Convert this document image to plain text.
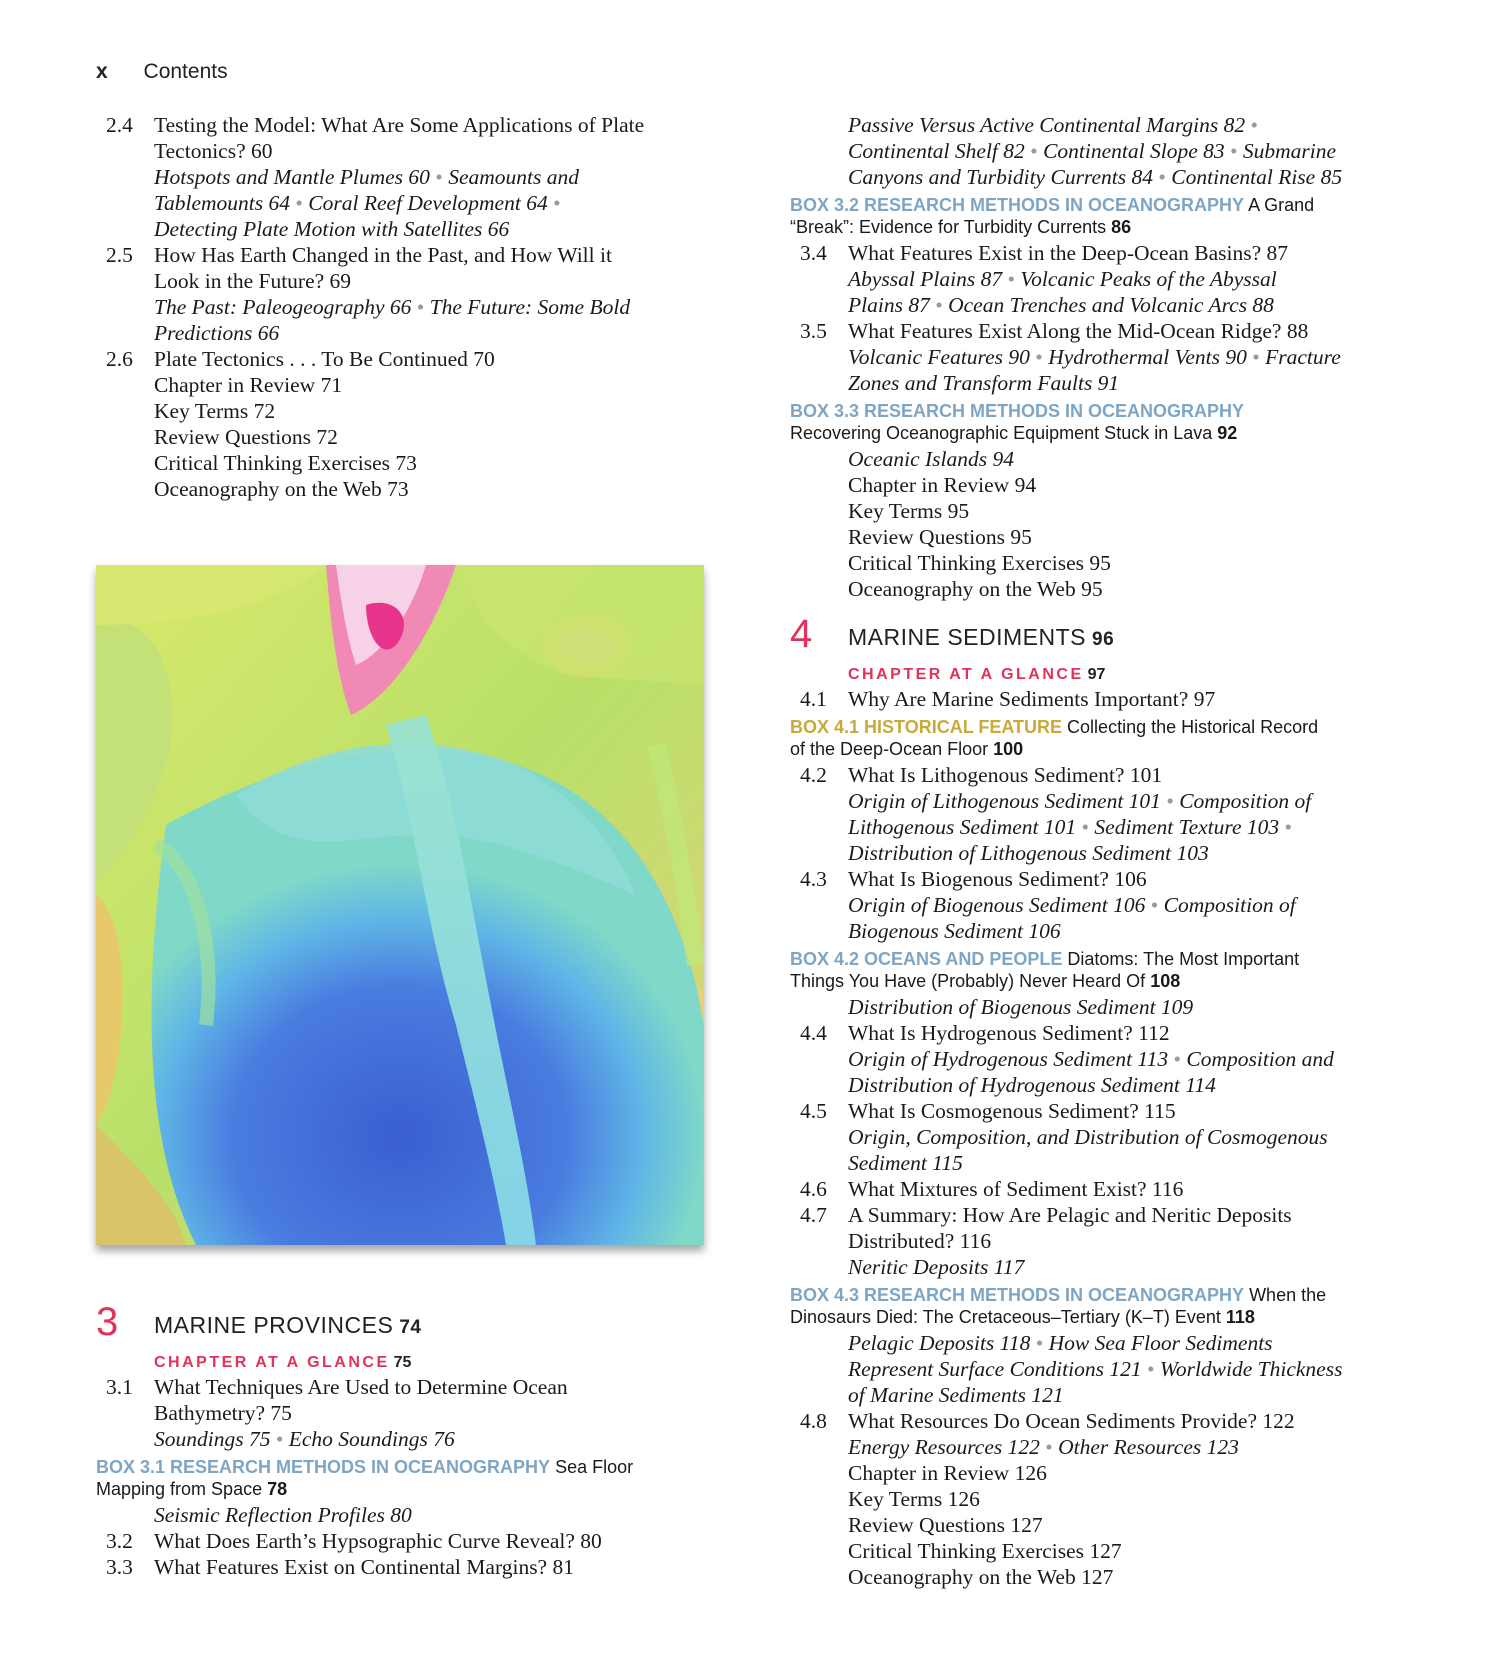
x Contents
2.4 Testing the Model: What Are Some Applications of Plate
Tectonics? 60
Hotspots and Mantle Plumes 60 • Seamounts and
Tablemounts 64 • Coral Reef Development 64 •
Detecting Plate Motion with Satellites 66
2.5 How Has Earth Changed in the Past, and How Will it
Look in the Future? 69
The Past: Paleogeography 66 • The Future: Some Bold
Predictions 66
2.6 Plate Tectonics . . . To Be Continued 70
Chapter in Review 71
Key Terms 72
Review Questions 72
Critical Thinking Exercises 73
Oceanography on the Web 73
3 MARINE PROVINCES 74
CHAPTER AT A GLANCE 75
3.1 What Techniques Are Used to Determine Ocean
Bathymetry? 75
Soundings 75 • Echo Soundings 76
BOX 3.1 RESEARCH METHODS IN OCEANOGRAPHY Sea Floor
Mapping from Space 78
Seismic Reflection Profiles 80
3.2 What Does Earth’s Hypsographic Curve Reveal? 80
3.3 What Features Exist on Continental Margins? 81
Passive Versus Active Continental Margins 82 •
Continental Shelf 82 • Continental Slope 83 • Submarine
Canyons and Turbidity Currents 84 • Continental Rise 85
BOX 3.2 RESEARCH METHODS IN OCEANOGRAPHY A Grand
“Break”: Evidence for Turbidity Currents 86
3.4 What Features Exist in the Deep-Ocean Basins? 87
Abyssal Plains 87 • Volcanic Peaks of the Abyssal
Plains 87 • Ocean Trenches and Volcanic Arcs 88
3.5 What Features Exist Along the Mid-Ocean Ridge? 88
Volcanic Features 90 • Hydrothermal Vents 90 • Fracture
Zones and Transform Faults 91
BOX 3.3 RESEARCH METHODS IN OCEANOGRAPHY
Recovering Oceanographic Equipment Stuck in Lava 92
Oceanic Islands 94
Chapter in Review 94
Key Terms 95
Review Questions 95
Critical Thinking Exercises 95
Oceanography on the Web 95
4 MARINE SEDIMENTS 96
CHAPTER AT A GLANCE 97
4.1 Why Are Marine Sediments Important? 97
BOX 4.1 HISTORICAL FEATURE Collecting the Historical Record
of the Deep-Ocean Floor 100
4.2 What Is Lithogenous Sediment? 101
Origin of Lithogenous Sediment 101 • Composition of
Lithogenous Sediment 101 • Sediment Texture 103 •
Distribution of Lithogenous Sediment 103
4.3 What Is Biogenous Sediment? 106
Origin of Biogenous Sediment 106 • Composition of
Biogenous Sediment 106
BOX 4.2 OCEANS AND PEOPLE Diatoms: The Most Important
Things You Have (Probably) Never Heard Of 108
Distribution of Biogenous Sediment 109
4.4 What Is Hydrogenous Sediment? 112
Origin of Hydrogenous Sediment 113 • Composition and
Distribution of Hydrogenous Sediment 114
4.5 What Is Cosmogenous Sediment? 115
Origin, Composition, and Distribution of Cosmogenous
Sediment 115
4.6 What Mixtures of Sediment Exist? 116
4.7 A Summary: How Are Pelagic and Neritic Deposits
Distributed? 116
Neritic Deposits 117
BOX 4.3 RESEARCH METHODS IN OCEANOGRAPHY When the
Dinosaurs Died: The Cretaceous–Tertiary (K–T) Event 118
Pelagic Deposits 118 • How Sea Floor Sediments
Represent Surface Conditions 121 • Worldwide Thickness
of Marine Sediments 121
4.8 What Resources Do Ocean Sediments Provide? 122
Energy Resources 122 • Other Resources 123
Chapter in Review 126
Key Terms 126
Review Questions 127
Critical Thinking Exercises 127
Oceanography on the Web 127
